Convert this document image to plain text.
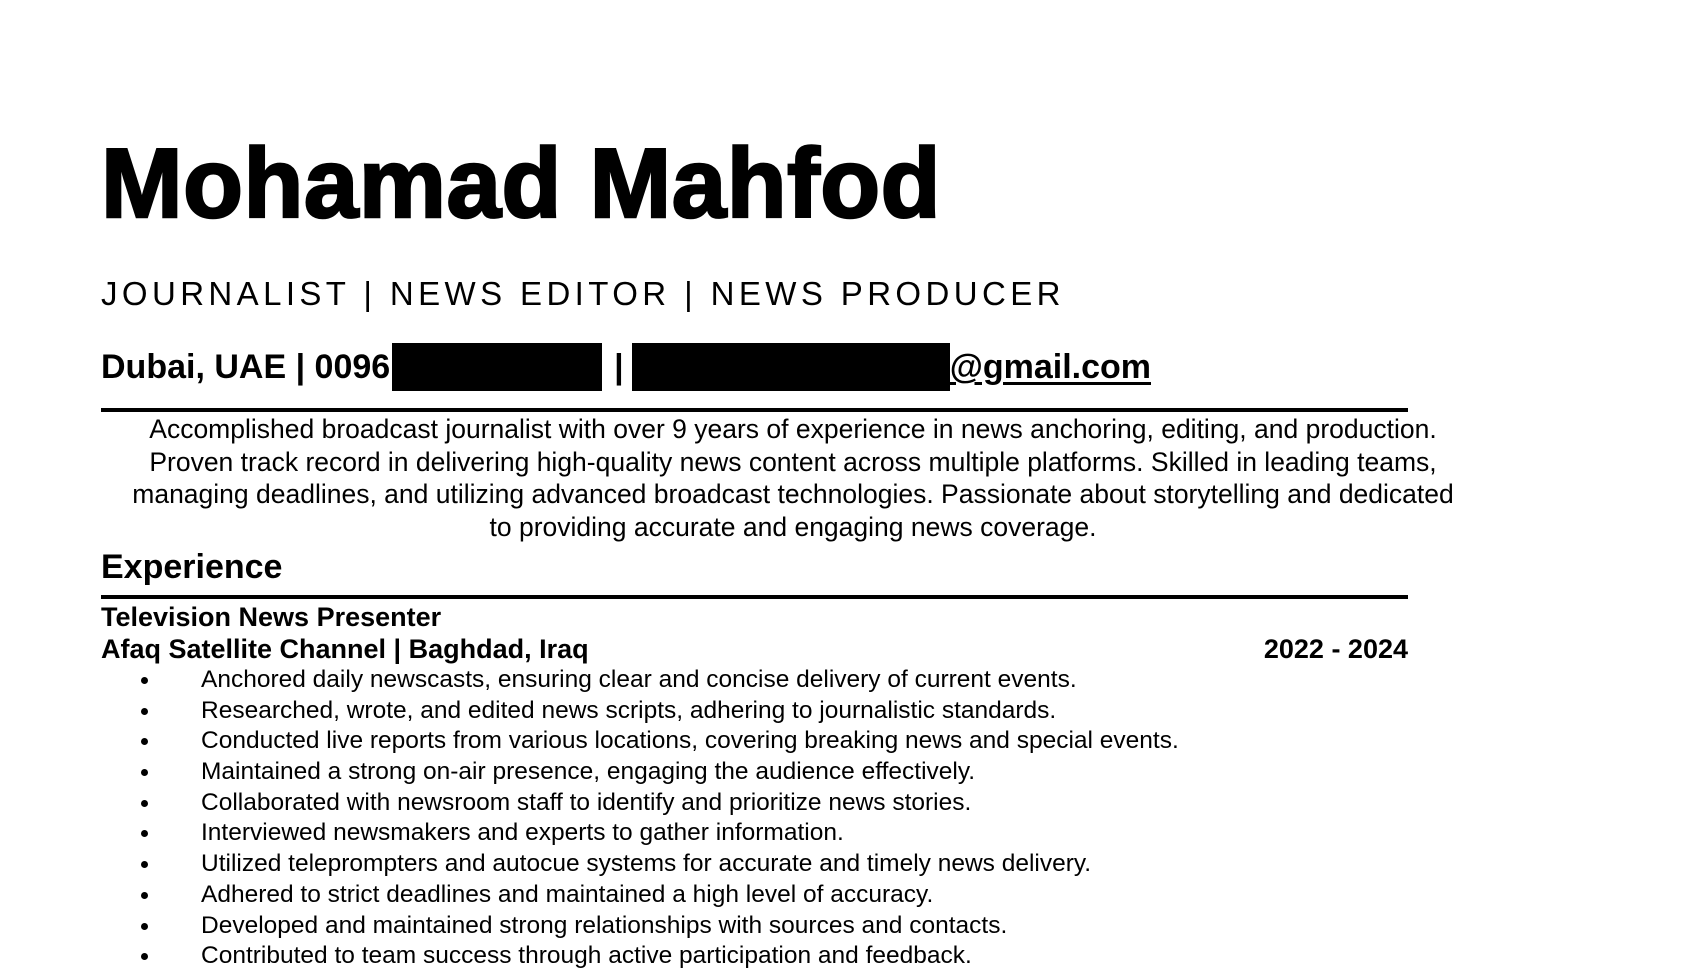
Mohamad Mahfod
JOURNALIST | NEWS EDITOR | NEWS PRODUCER
Dubai, UAE | 0096	|	@gmail.com
Accomplished broadcast journalist with over 9 years of experience in news anchoring, editing, and production. Proven track record in delivering high-quality news content across multiple platforms. Skilled in leading teams, managing deadlines, and utilizing advanced broadcast technologies. Passionate about storytelling and dedicated to providing accurate and engaging news coverage.
Experience
Television News Presenter
Afaq Satellite Channel | Baghdad, Iraq	2022 - 2024
Anchored daily newscasts, ensuring clear and concise delivery of current events.
Researched, wrote, and edited news scripts, adhering to journalistic standards.
Conducted live reports from various locations, covering breaking news and special events.
Maintained a strong on-air presence, engaging the audience effectively.
Collaborated with newsroom staff to identify and prioritize news stories.
Interviewed newsmakers and experts to gather information.
Utilized teleprompters and autocue systems for accurate and timely news delivery.
Adhered to strict deadlines and maintained a high level of accuracy.
Developed and maintained strong relationships with sources and contacts.
Contributed to team success through active participation and feedback.
